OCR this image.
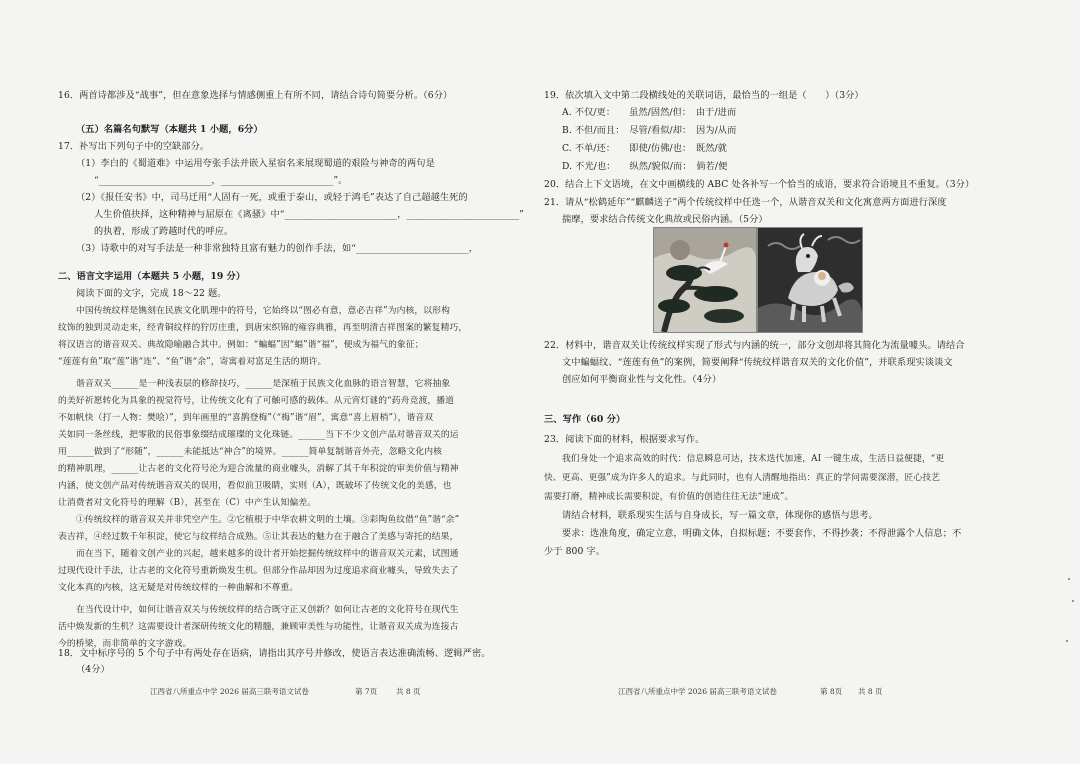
16．两首诗都涉及“战事”，但在意象选择与情感侧重上有所不同，请结合诗句简要分析。（6分）
（五）名篇名句默写（本题共 1 小题，6分）
17．补写出下列句子中的空缺部分。
（1）李白的《蜀道难》中运用夸张手法并嵌入星宿名来展现蜀道的艰险与神奇的两句是
“________________________，________________________”。
（2）《报任安书》中，司马迁用“人固有一死，或重于泰山，或轻于鸿毛”表达了自己超越生死的
人生价值抉择，这种精神与屈原在《离骚》中“________________________，________________________”
的执着，形成了跨越时代的呼应。
（3）诗歌中的对写手法是一种非常独特且富有魅力的创作手法，如“________________________，
二、语言文字运用（本题共 5 小题，19 分）
阅读下面的文字，完成 18～22 题。
中国传统纹样是镌刻在民族文化肌理中的符号，它始终以“图必有意，意必吉祥”为内核，以形构
纹饰的独到灵动走来，经青铜纹样的狞厉庄重，到唐宋织锦的雍容典雅，再至明清吉祥图案的繁复精巧，
将汉语言的谐音双关、典故隐喻融合其中。例如：“蝙蝠”因“蝠”谐“福”，便成为福气的象征；
“莲莲有鱼”取“莲”谐“连”、“鱼”谐“余”，寄寓着对富足生活的期许。
谐音双关______是一种浅表层的修辞技巧，______是深植于民族文化血脉的语言智慧，它将抽象
的美好祈愿转化为具象的视觉符号，让传统文化有了可触可感的载体。从元宵灯谜的“药舟竞渡，播道
不如帆快（打一人物：樊哙）”，到年画里的“喜鹊登梅”（“梅”谐“眉”，寓意“喜上眉梢”），谐音双
关如同一条丝线，把零散的民俗事象缀结成璀璨的文化珠链。______当下不少文创产品对谐音双关的运
用______做到了“形随”，______未能抵达“神合”的境界。______简单复制谐音外壳，忽略文化内核
的精神肌理，______让古老的文化符号沦为迎合流量的商业噱头，消解了其千年积淀的审美价值与精神
内涵，使文创产品对传统谐音双关的误用，看似前卫吸睛，实则（A），既破坏了传统文化的美感，也
让消费者对文化符号的理解（B），甚至在（C）中产生认知偏差。
①传统纹样的谐音双关并非凭空产生。②它植根于中华农耕文明的土壤。③彩陶鱼纹借“鱼”谐“余”
表吉祥，④经过数千年积淀，使它与纹样结合成熟。⑤让其表达的魅力在于融合了美感与寄托的结果，
而在当下，随着文创产业的兴起，越来越多的设计者开始挖掘传统纹样中的谐音双关元素，试图通
过现代设计手法，让古老的文化符号重新焕发生机。但部分作品却因为过度追求商业噱头，导致失去了
文化本真的内核，这无疑是对传统纹样的一种曲解和不尊重。
在当代设计中，如何让谐音双关与传统纹样的结合既守正又创新？如何让古老的文化符号在现代生
活中焕发新的生机？这需要设计者深研传统文化的精髓，兼顾审美性与功能性，让谐音双关成为连接古
今的桥梁，而非简单的文字游戏。
18．文中标序号的 5 个句子中有两处存在语病，请指出其序号并修改，使语言表达准确流畅、逻辑严密。
（4分）
江西省八所重点中学 2026 届高三联考语文试卷	第 7页	共 8 页
19．依次填入文中第二段横线处的关联词语，最恰当的一组是（　　）（3分）
A. 不仅/更：　　虽然/固然/但：　由于/进而
B. 不但/而且：　尽管/看似/却：　因为/从而
C. 不单/还：　　即使/仿佛/也：　既然/就
D. 不光/也：　　纵然/貌似/而：　倘若/便
20．结合上下文语境，在文中画横线的 ABC 处各补写一个恰当的成语，要求符合语境且不重复。（3分）
21．请从“松鹤延年”“麒麟送子”两个传统纹样中任选一个，从谐音双关和文化寓意两方面进行深度
揣摩，要求结合传统文化典故或民俗内涵。（5分）
22．材料中，谐音双关让传统纹样实现了形式与内涵的统一，部分文创却将其简化为流量噱头。请结合
文中蝙蝠纹、“莲莲有鱼”的案例，简要阐释“传统纹样谐音双关的文化价值”，并联系现实谈谈文
创应如何平衡商业性与文化性。（4分）
三、写作（60 分）
23．阅读下面的材料，根据要求写作。
我们身处一个追求高效的时代：信息瞬息可达，技术迭代加速，AI 一键生成，生活日益便捷，“更
快、更高、更强”成为许多人的追求。与此同时，也有人清醒地指出：真正的学问需要深潜，匠心技艺
需要打磨，精神成长需要积淀，有价值的创造往往无法“速成”。
请结合材料，联系现实生活与自身成长，写一篇文章，体现你的感悟与思考。
要求：选准角度，确定立意，明确文体，自拟标题；不要套作，不得抄袭；不得泄露个人信息；不
少于 800 字。
江西省八所重点中学 2026 届高三联考语文试卷	第 8页 共 8 页
